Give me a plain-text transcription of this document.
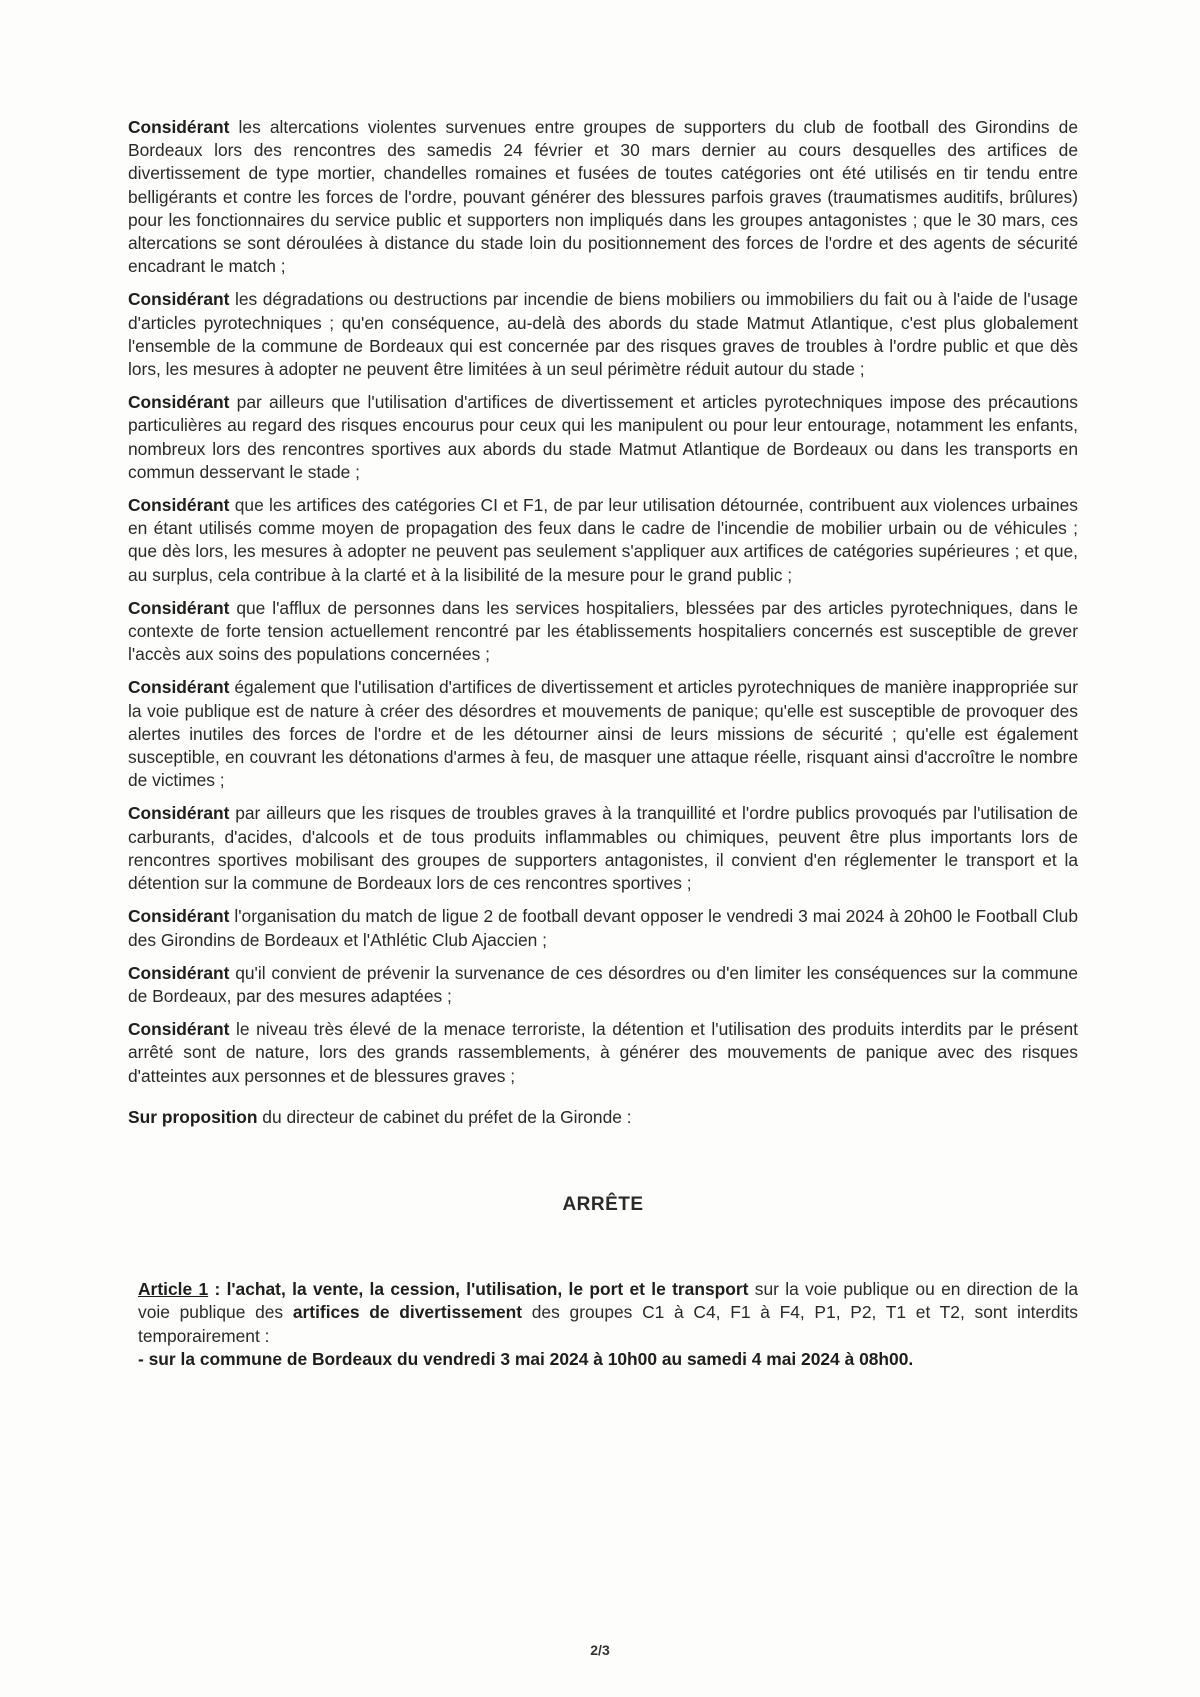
Considérant les altercations violentes survenues entre groupes de supporters du club de football des Girondins de Bordeaux lors des rencontres des samedis 24 février et 30 mars dernier au cours desquelles des artifices de divertissement de type mortier, chandelles romaines et fusées de toutes catégories ont été utilisés en tir tendu entre belligérants et contre les forces de l'ordre, pouvant générer des blessures parfois graves (traumatismes auditifs, brûlures) pour les fonctionnaires du service public et supporters non impliqués dans les groupes antagonistes ; que le 30 mars, ces altercations se sont déroulées à distance du stade loin du positionnement des forces de l'ordre et des agents de sécurité encadrant le match ;

Considérant les dégradations ou destructions par incendie de biens mobiliers ou immobiliers du fait ou à l'aide de l'usage d'articles pyrotechniques ; qu'en conséquence, au-delà des abords du stade Matmut Atlantique, c'est plus globalement l'ensemble de la commune de Bordeaux qui est concernée par des risques graves de troubles à l'ordre public et que dès lors, les mesures à adopter ne peuvent être limitées à un seul périmètre réduit autour du stade ;

Considérant par ailleurs que l'utilisation d'artifices de divertissement et articles pyrotechniques impose des précautions particulières au regard des risques encourus pour ceux qui les manipulent ou pour leur entourage, notamment les enfants, nombreux lors des rencontres sportives aux abords du stade Matmut Atlantique de Bordeaux ou dans les transports en commun desservant le stade ;

Considérant que les artifices des catégories CI et F1, de par leur utilisation détournée, contribuent aux violences urbaines en étant utilisés comme moyen de propagation des feux dans le cadre de l'incendie de mobilier urbain ou de véhicules ; que dès lors, les mesures à adopter ne peuvent pas seulement s'appliquer aux artifices de catégories supérieures ; et que, au surplus, cela contribue à la clarté et à la lisibilité de la mesure pour le grand public ;

Considérant que l'afflux de personnes dans les services hospitaliers, blessées par des articles pyrotechniques, dans le contexte de forte tension actuellement rencontré par les établissements hospitaliers concernés est susceptible de grever l'accès aux soins des populations concernées ;

Considérant également que l'utilisation d'artifices de divertissement et articles pyrotechniques de manière inappropriée sur la voie publique est de nature à créer des désordres et mouvements de panique; qu'elle est susceptible de provoquer des alertes inutiles des forces de l'ordre et de les détourner ainsi de leurs missions de sécurité ; qu'elle est également susceptible, en couvrant les détonations d'armes à feu, de masquer une attaque réelle, risquant ainsi d'accroître le nombre de victimes ;

Considérant par ailleurs que les risques de troubles graves à la tranquillité et l'ordre publics provoqués par l'utilisation de carburants, d'acides, d'alcools et de tous produits inflammables ou chimiques, peuvent être plus importants lors de rencontres sportives mobilisant des groupes de supporters antagonistes, il convient d'en réglementer le transport et la détention sur la commune de Bordeaux lors de ces rencontres sportives ;

Considérant l'organisation du match de ligue 2 de football devant opposer le vendredi 3 mai 2024 à 20h00 le Football Club des Girondins de Bordeaux et l'Athlétic Club Ajaccien ;

Considérant qu'il convient de prévenir la survenance de ces désordres ou d'en limiter les conséquences sur la commune de Bordeaux, par des mesures adaptées ;

Considérant le niveau très élevé de la menace terroriste, la détention et l'utilisation des produits interdits par le présent arrêté sont de nature, lors des grands rassemblements, à générer des mouvements de panique avec des risques d'atteintes aux personnes et de blessures graves ;

Sur proposition du directeur de cabinet du préfet de la Gironde :

ARRÊTE

Article 1 : l'achat, la vente, la cession, l'utilisation, le port et le transport sur la voie publique ou en direction de la voie publique des artifices de divertissement des groupes C1 à C4, F1 à F4, P1, P2, T1 et T2, sont interdits temporairement :
- sur la commune de Bordeaux du vendredi 3 mai 2024 à 10h00 au samedi 4 mai 2024 à 08h00.

2/3
